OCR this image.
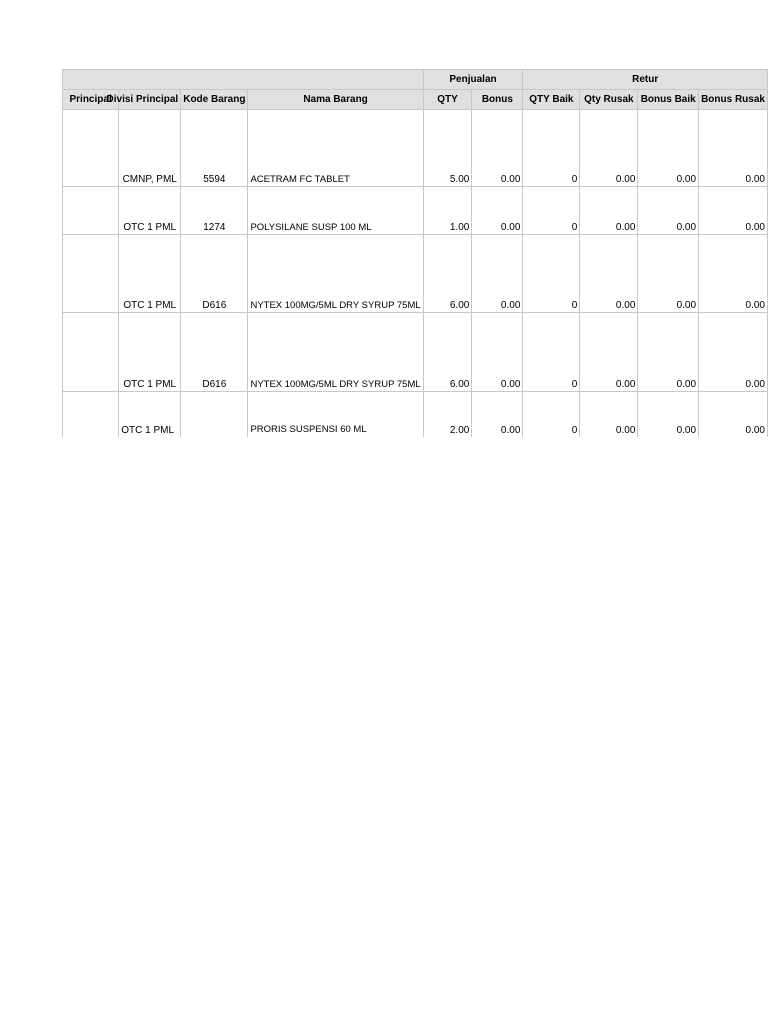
				Penjualan		Retur			
Principal	Divisi Principal	Kode Barang	Nama Barang	QTY	Bonus	QTY Baik	Qty Rusak	Bonus Baik	Bonus Rusak
	CMNP, PML	5594	ACETRAM FC TABLET	5.00	0.00	0	0.00	0.00	0.00
	OTC 1 PML	1274	POLYSILANE SUSP 100 ML	1.00	0.00	0	0.00	0.00	0.00
	OTC 1 PML	D616	NYTEX 100MG/5ML DRY SYRUP 75ML	6.00	0.00	0	0.00	0.00	0.00
	OTC 1 PML	D616	NYTEX 100MG/5ML DRY SYRUP 75ML	6.00	0.00	0	0.00	0.00	0.00
	OTC 1 PML		PRORIS SUSPENSI 60 ML	2.00	0.00	0	0.00	0.00	0.00
